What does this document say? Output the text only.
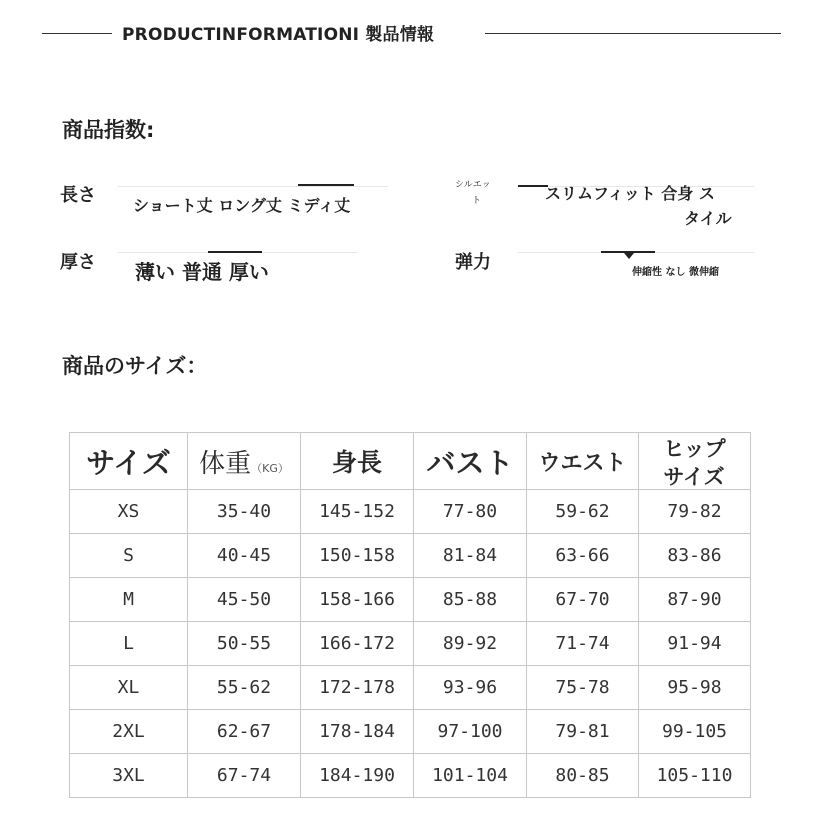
PRODUCTINFORMATIONI 製品情報
商品指数:
長さ ショート丈 ロング丈 ミディ丈
シルエッ
ト	スリムフィット 合身 ス
タイル
厚さ 薄い 普通 厚い	弹力	伸縮性 なし 微伸縮
商品のサイズ：
サイズ	体重（KG）	身長	バスト	ウエスト	ヒップ
サイズ
XS	35-40	145-152	77-80	59-62	79-82
S	40-45	150-158	81-84	63-66	83-86
M	45-50	158-166	85-88	67-70	87-90
L	50-55	166-172	89-92	71-74	91-94
XL	55-62	172-178	93-96	75-78	95-98
2XL	62-67	178-184	97-100	79-81	99-105
3XL	67-74	184-190	101-104	80-85	105-110
